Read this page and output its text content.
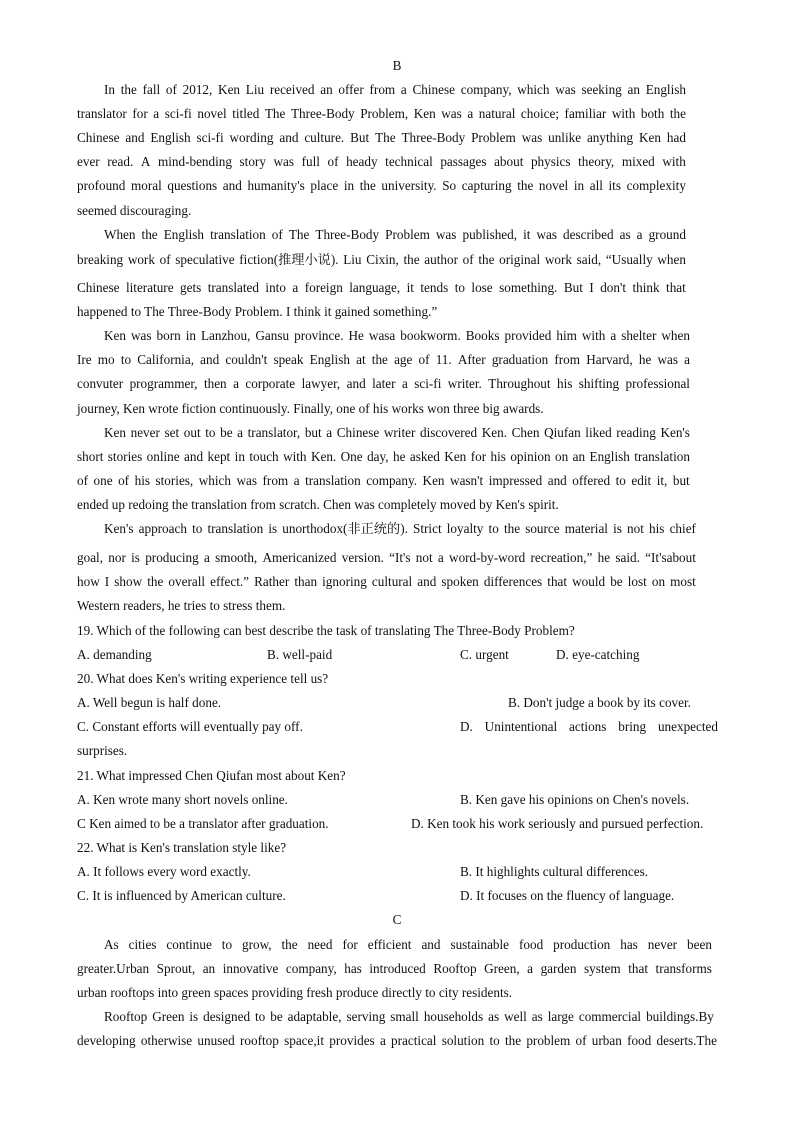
B
In the fall of 2012, Ken Liu received an offer from a Chinese company, which was seeking an English
translator for a sci-fi novel titled The Three-Body Problem, Ken was a natural choice; familiar with both the
Chinese and English sci-fi wording and culture. But The Three-Body Problem was unlike anything Ken had
ever read. A mind-bending story was full of heady technical passages about physics theory, mixed with
profound moral questions and humanity's place in the university. So capturing the novel in all its complexity
seemed discouraging.
When the English translation of The Three-Body Problem was published, it was described as a ground
breaking work of speculative fiction(推理小说). Liu Cixin, the author of the original work said, “Usually when
Chinese literature gets translated into a foreign language, it tends to lose something. But I don't think that
happened to The Three-Body Problem. I think it gained something.”
Ken was born in Lanzhou, Gansu province. He wasa bookworm. Books provided him with a shelter when
Ire mo to California, and couldn't speak English at the age of 11. After graduation from Harvard, he was a
convuter programmer, then a corporate lawyer, and later a sci-fi writer. Throughout his shifting professional
journey, Ken wrote fiction continuously. Finally, one of his works won three big awards.
Ken never set out to be a translator, but a Chinese writer discovered Ken. Chen Qiufan liked reading Ken's
short stories online and kept in touch with Ken. One day, he asked Ken for his opinion on an English translation
of one of his stories, which was from a translation company. Ken wasn't impressed and offered to edit it, but
ended up redoing the translation from scratch. Chen was completely moved by Ken's spirit.
Ken's approach to translation is unorthodox(非正统的). Strict loyalty to the source material is not his chief
goal, nor is producing a smooth, Americanized version. “It's not a word-by-word recreation,” he said. “It'sabout
how I show the overall effect.” Rather than ignoring cultural and spoken differences that would be lost on most
Western readers, he tries to stress them.
19. Which of the following can best describe the task of translating The Three-Body Problem?
A. demanding	B. well-paid	C. urgent	D. eye-catching
20. What does Ken's writing experience tell us?
A. Well begun is half done.	B. Don't judge a book by its cover.
C. Constant efforts will eventually pay off.	D. Unintentional actions bring unexpected
surprises.
21. What impressed Chen Qiufan most about Ken?
A. Ken wrote many short novels online.	B. Ken gave his opinions on Chen's novels.
C Ken aimed to be a translator after graduation.	D. Ken took his work seriously and pursued perfection.
22. What is Ken's translation style like?
A. It follows every word exactly.	B. It highlights cultural differences.
C. It is influenced by American culture.	D. It focuses on the fluency of language.
C
As cities continue to grow, the need for efficient and sustainable food production has never been
greater.Urban Sprout, an innovative company, has introduced Rooftop Green, a garden system that transforms
urban rooftops into green spaces providing fresh produce directly to city residents.
Rooftop Green is designed to be adaptable, serving small households as well as large commercial buildings.By
developing otherwise unused rooftop space,it provides a practical solution to the problem of urban food deserts.The
